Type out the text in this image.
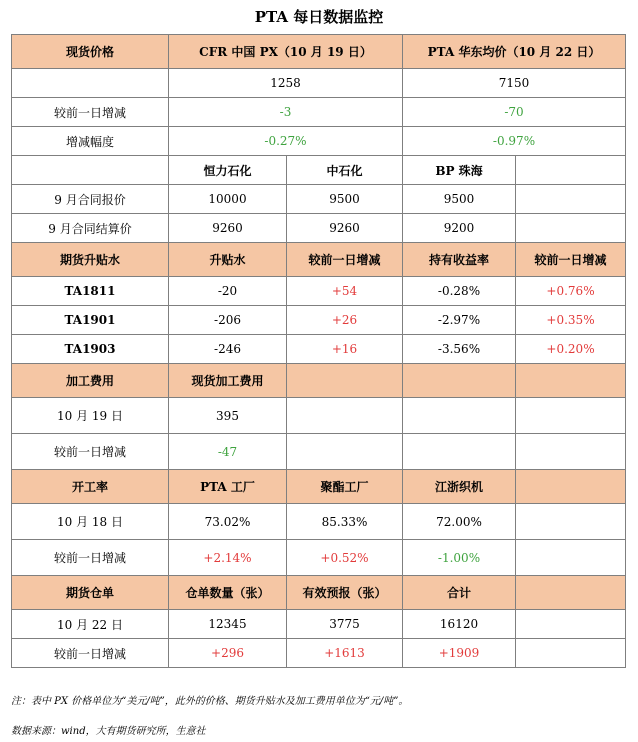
PTA 每日数据监控
现货价格	CFR 中国 PX（10 月 19 日）		PTA 华东均价（10 月 22 日）	
	1258		7150	
较前一日增减	-3		-70	
增减幅度	-0.27%		-0.97%	
	恒力石化	中石化	BP 珠海	
9 月合同报价	10000	9500	9500	
9 月合同结算价	9260	9260	9200	
期货升贴水	升贴水	较前一日增减	持有收益率	较前一日增减
TA1811	-20	+54	-0.28%	+0.76%
TA1901	-206	+26	-2.97%	+0.35%
TA1903	-246	+16	-3.56%	+0.20%
加工费用	现货加工费用			
10 月 19 日	395			
较前一日增减	-47			
开工率	PTA 工厂	聚酯工厂	江浙织机	
10 月 18 日	73.02%	85.33%	72.00%	
较前一日增减	+2.14%	+0.52%	-1.00%	
期货仓单	仓单数量（张）	有效预报（张）	合计	
10 月 22 日	12345	3775	16120	
较前一日增减	+296	+1613	+1909	
注：表中 PX 价格单位为“美元/吨”，此外的价格、期货升贴水及加工费用单位为“元/吨”。
数据来源：wind，大有期货研究所，生意社
